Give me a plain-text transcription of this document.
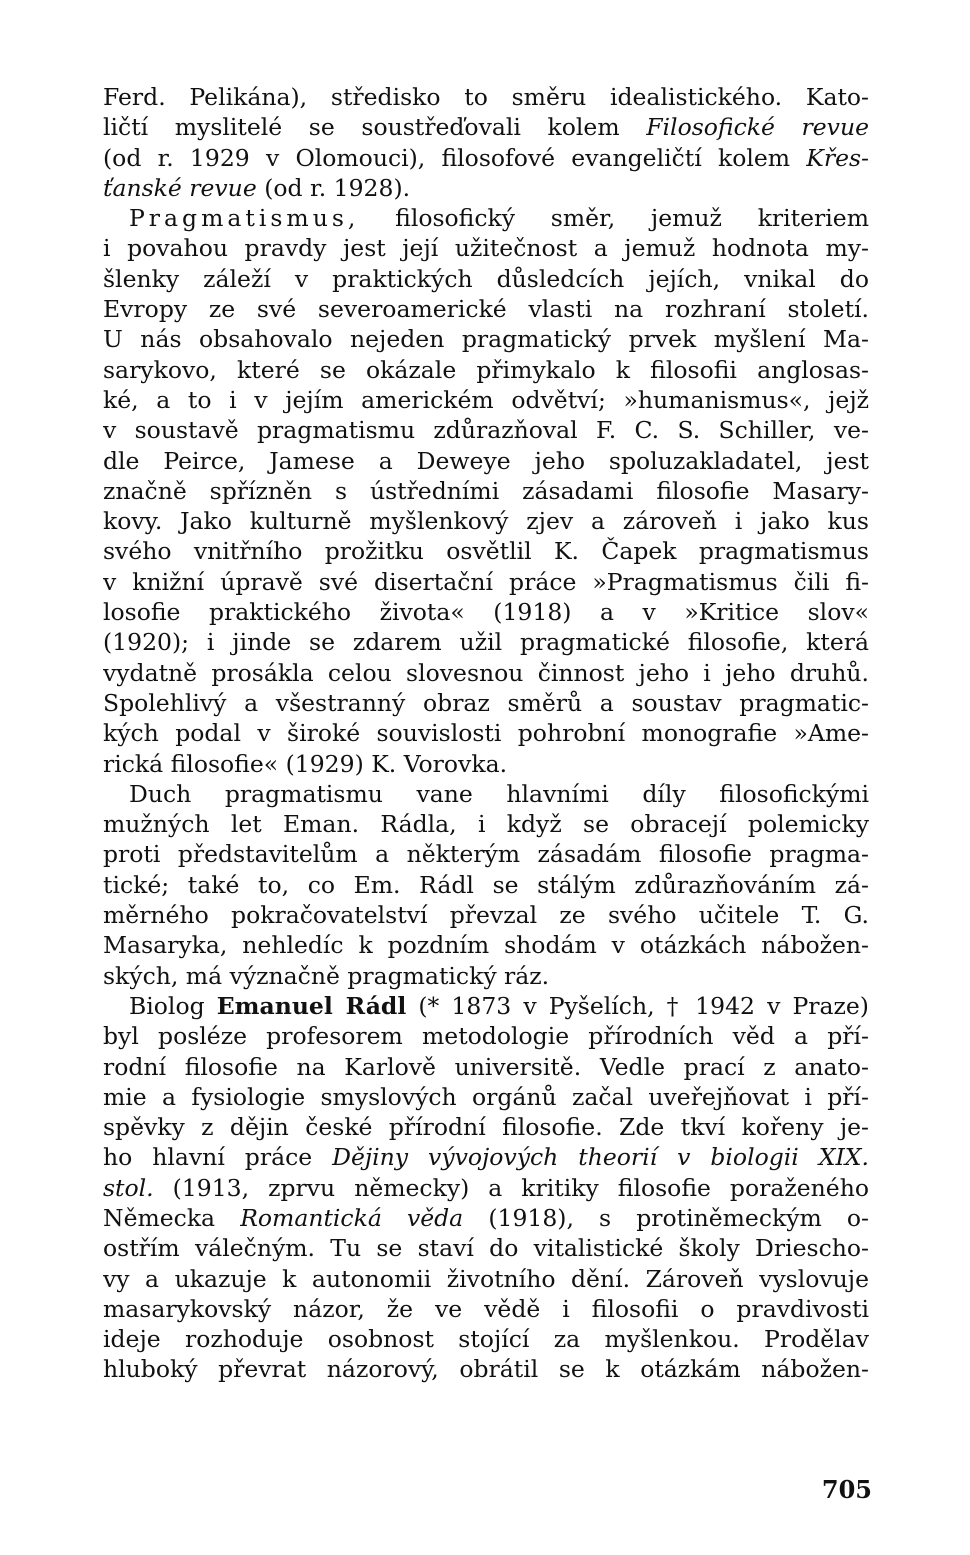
Ferd. Pelikána), středisko to směru idealistického. Kato-
ličtí myslitelé se soustřeďovali kolem Filosofické revue
(od r. 1929 v Olomouci), filosofové evangeličtí kolem Křes-
ťanské revue (od r. 1928).
Pragmatismus, filosofický směr, jemuž kriteriem
i povahou pravdy jest její užitečnost a jemuž hodnota my-
šlenky záleží v praktických důsledcích jejích, vnikal do
Evropy ze své severoamerické vlasti na rozhraní století.
U nás obsahovalo nejeden pragmatický prvek myšlení Ma-
sarykovo, které se okázale přimykalo k filosofii anglosas-
ké, a to i v jejím americkém odvětví; »humanismus«, jejž
v soustavě pragmatismu zdůrazňoval F. C. S. Schiller, ve-
dle Peirce, Jamese a Deweye jeho spoluzakladatel, jest
značně spřízněn s ústředními zásadami filosofie Masary-
kovy. Jako kulturně myšlenkový zjev a zároveň i jako kus
svého vnitřního prožitku osvětlil K. Čapek pragmatismus
v knižní úpravě své disertační práce »Pragmatismus čili fi-
losofie praktického života« (1918) a v »Kritice slov«
(1920); i jinde se zdarem užil pragmatické filosofie, která
vydatně prosákla celou slovesnou činnost jeho i jeho druhů.
Spolehlivý a všestranný obraz směrů a soustav pragmatic-
kých podal v široké souvislosti pohrobní monografie »Ame-
rická filosofie« (1929) K. Vorovka.
Duch pragmatismu vane hlavními díly filosofickými
mužných let Eman. Rádla, i když se obracejí polemicky
proti představitelům a některým zásadám filosofie pragma-
tické; také to, co Em. Rádl se stálým zdůrazňováním zá-
měrného pokračovatelství převzal ze svého učitele T. G.
Masaryka, nehledíc k pozdním shodám v otázkách nábožen-
ských, má význačně pragmatický ráz.
Biolog Emanuel Rádl (* 1873 v Pyšelích, † 1942 v Praze)
byl posléze profesorem metodologie přírodních věd a pří-
rodní filosofie na Karlově universitě. Vedle prací z anato-
mie a fysiologie smyslových orgánů začal uveřejňovat i pří-
spěvky z dějin české přírodní filosofie. Zde tkví kořeny je-
ho hlavní práce Dějiny vývojových theorií v biologii XIX.
stol. (1913, zprvu německy) a kritiky filosofie poraženého
Německa Romantická věda (1918), s protiněmeckým o-
ostřím válečným. Tu se staví do vitalistické školy Driescho-
vy a ukazuje k autonomii životního dění. Zároveň vyslovuje
masarykovský názor, že ve vědě i filosofii o pravdivosti
ideje rozhoduje osobnost stojící za myšlenkou. Prodělav
hluboký převrat názorový, obrátil se k otázkám nábožen-
705
